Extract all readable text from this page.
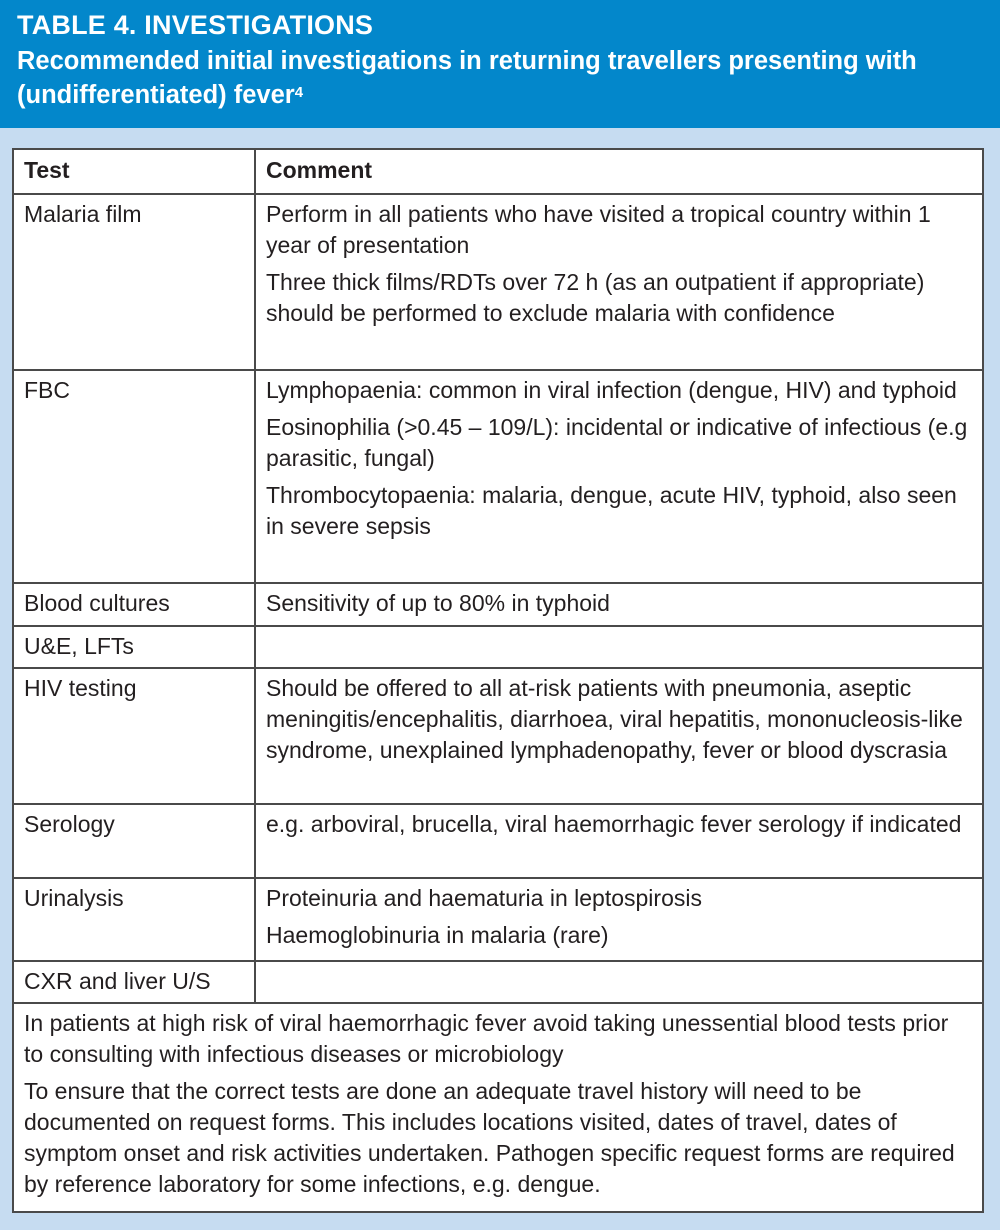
TABLE 4. INVESTIGATIONS
Recommended initial investigations in returning travellers presenting with (undifferentiated) fever$^4$
Test	Comment
Malaria film	Perform in all patients who have visited a tropical country within 1 year of presentation

Three thick films/RDTs over 72 h (as an outpatient if appropriate) should be performed to exclude malaria with confidence

FBC	Lymphopaenia: common in viral infection (dengue, HIV) and typhoid

Eosinophilia (>0.45 – 109/L): incidental or indicative of infectious (e.g parasitic, fungal)

Thrombocytopaenia: malaria, dengue, acute HIV, typhoid, also seen in severe sepsis

Blood cultures	Sensitivity of up to 80% in typhoid

U&E, LFTs	
HIV testing	Should be offered to all at-risk patients with pneumonia, aseptic meningitis/encephalitis, diarrhoea, viral hepatitis, mononucleosis-like syndrome, unexplained lymphadenopathy, fever or blood dyscrasia

Serology	e.g. arboviral, brucella, viral haemorrhagic fever serology if indicated

Urinalysis	Proteinuria and haematuria in leptospirosis

Haemoglobinuria in malaria (rare)

CXR and liver U/S	

In patients at high risk of viral haemorrhagic fever avoid taking unessential blood tests prior to consulting with infectious diseases or microbiology

To ensure that the correct tests are done an adequate travel history will need to be documented on request forms. This includes locations visited, dates of travel, dates of symptom onset and risk activities undertaken. Pathogen specific request forms are required by reference laboratory for some infections, e.g. dengue.	
